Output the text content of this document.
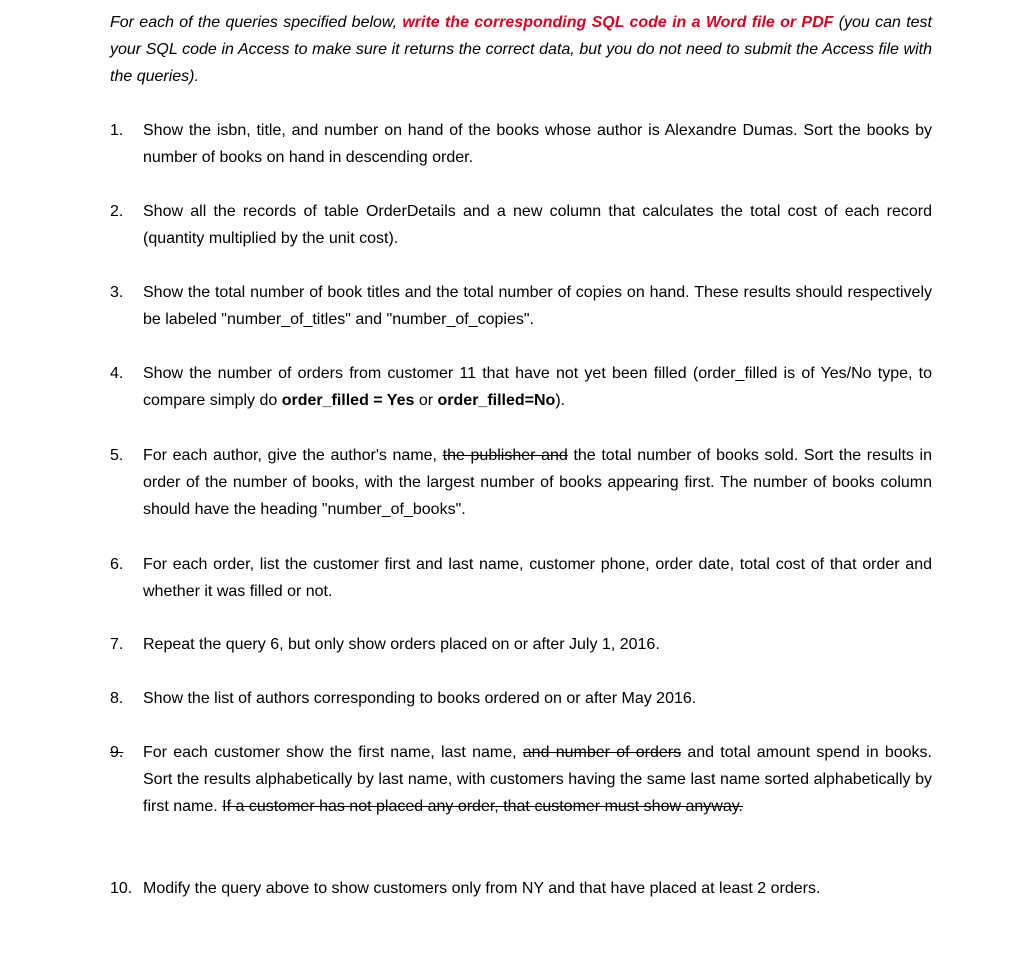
For each of the queries specified below, write the corresponding SQL code in a Word file or PDF (you can test your SQL code in Access to make sure it returns the correct data, but you do not need to submit the Access file with the queries).

1. Show the isbn, title, and number on hand of the books whose author is Alexandre Dumas. Sort the books by number of books on hand in descending order.
2. Show all the records of table OrderDetails and a new column that calculates the total cost of each record (quantity multiplied by the unit cost).
3. Show the total number of book titles and the total number of copies on hand. These results should respectively be labeled "number_of_titles" and "number_of_copies".
4. Show the number of orders from customer 11 that have not yet been filled (order_filled is of Yes/No type, to compare simply do order_filled = Yes or order_filled=No).
5. For each author, give the author's name, the publisher and the total number of books sold. Sort the results in order of the number of books, with the largest number of books appearing first. The number of books column should have the heading "number_of_books".
6. For each order, list the customer first and last name, customer phone, order date, total cost of that order and whether it was filled or not.
7. Repeat the query 6, but only show orders placed on or after July 1, 2016.
8. Show the list of authors corresponding to books ordered on or after May 2016.
9. For each customer show the first name, last name, and number of orders and total amount spend in books. Sort the results alphabetically by last name, with customers having the same last name sorted alphabetically by first name. If a customer has not placed any order, that customer must show anyway.
10. Modify the query above to show customers only from NY and that have placed at least 2 orders.
